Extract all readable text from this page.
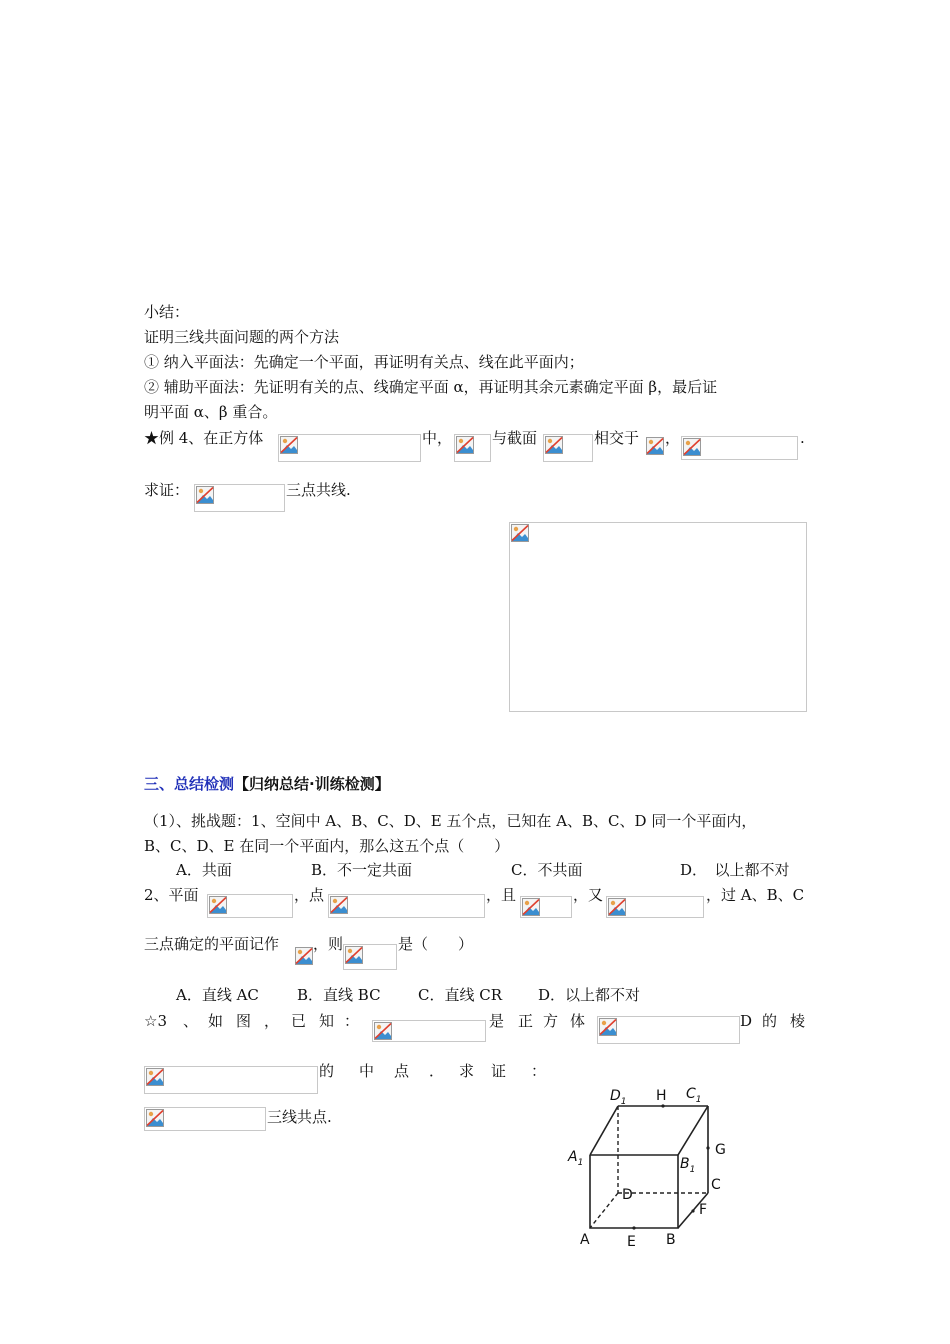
小结：
证明三线共面问题的两个方法
① 纳入平面法：先确定一个平面，再证明有关点、线在此平面内；
② 辅助平面法：先证明有关的点、线确定平面 α，再证明其余元素确定平面 β，最后证
明平面 α、β 重合。
★例 4、在正方体	中，	与截面	相交于 ，	.
求证：	三点共线.
三、总结检测【归纳总结·训练检测】
（1）、挑战题：1、空间中 A、B、C、D、E 五个点，已知在 A、B、C、D 同一个平面内，
B、C、D、E 在同一个平面内，那么这五个点（　　）
A．共面	B．不一定共面	C．不共面	D．　以上都不对
2、平面	，点	，且	，又	，过 A、B、C
三点确定的平面记作 ，则	是（　　）
A．直线 AC	B．直线 BC C．直线 CR D．以上都不对
☆3 、 如 图 ， 已 知 ：	是 正 方 体	D 的 棱
的 中 点 ． 求 证 ：
三线共点.
$D_1$ H $C_1$
G
$A_1$	$B_1$
D
C
F
A	E B
